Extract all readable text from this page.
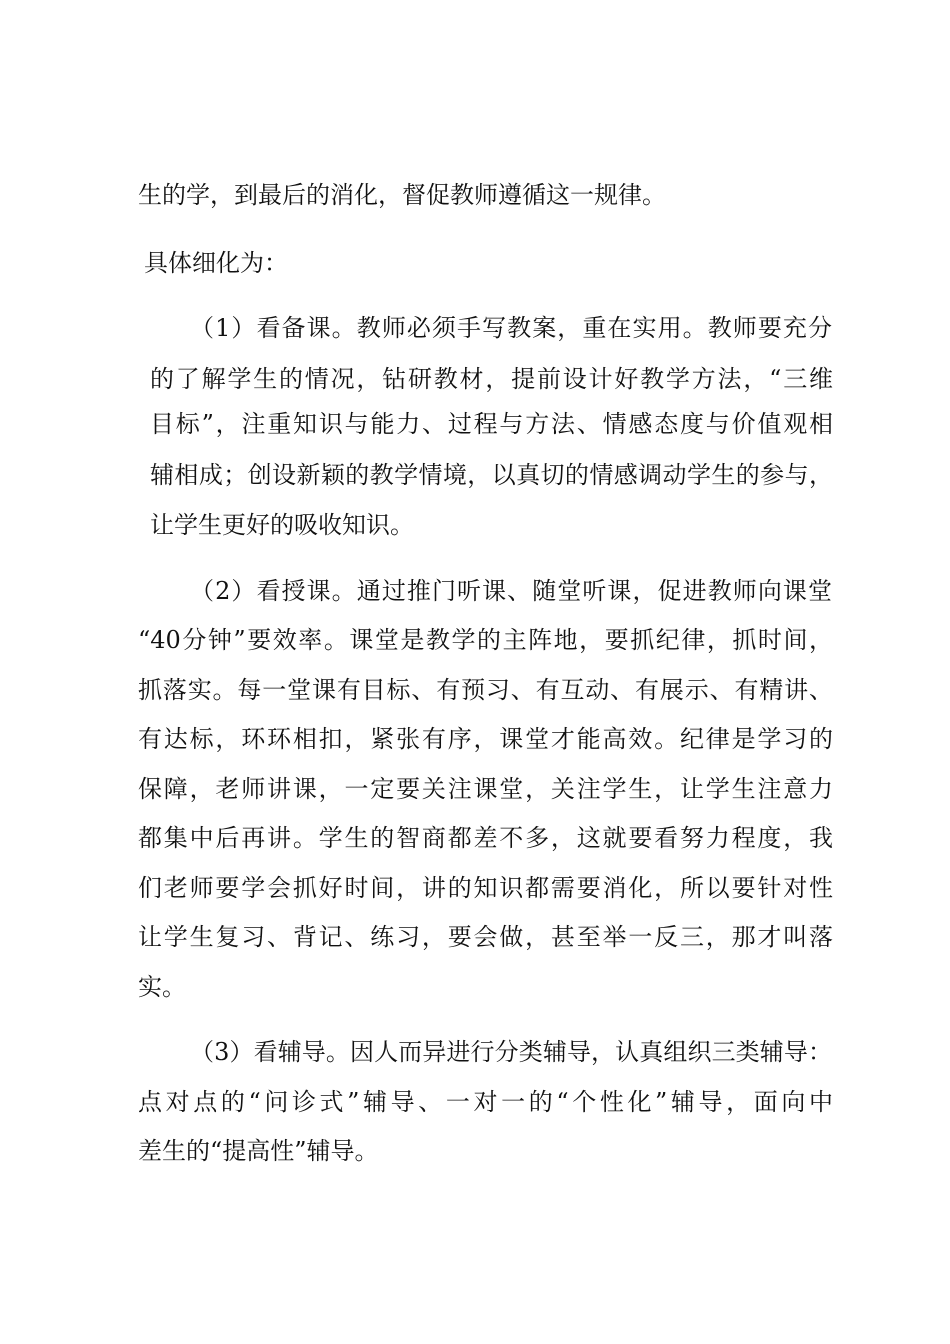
生的学，到最后的消化，督促教师遵循这一规律。
具体细化为：
（1）看备课。教师必须手写教案，重在实用。教师要充分
的了解学生的情况，钻研教材，提前设计好教学方法，“三维
目标”，注重知识与能力、过程与方法、情感态度与价值观相
辅相成；创设新颖的教学情境，以真切的情感调动学生的参与，
让学生更好的吸收知识。
（2）看授课。通过推门听课、随堂听课，促进教师向课堂
“40分钟”要效率。课堂是教学的主阵地，要抓纪律，抓时间，
抓落实。每一堂课有目标、有预习、有互动、有展示、有精讲、
有达标，环环相扣，紧张有序，课堂才能高效。纪律是学习的
保障，老师讲课，一定要关注课堂，关注学生，让学生注意力
都集中后再讲。学生的智商都差不多，这就要看努力程度，我
们老师要学会抓好时间，讲的知识都需要消化，所以要针对性
让学生复习、背记、练习，要会做，甚至举一反三，那才叫落
实。
（3）看辅导。因人而异进行分类辅导，认真组织三类辅导：
点对点的“问诊式”辅导、一对一的“个性化”辅导，面向中
差生的“提高性”辅导。
